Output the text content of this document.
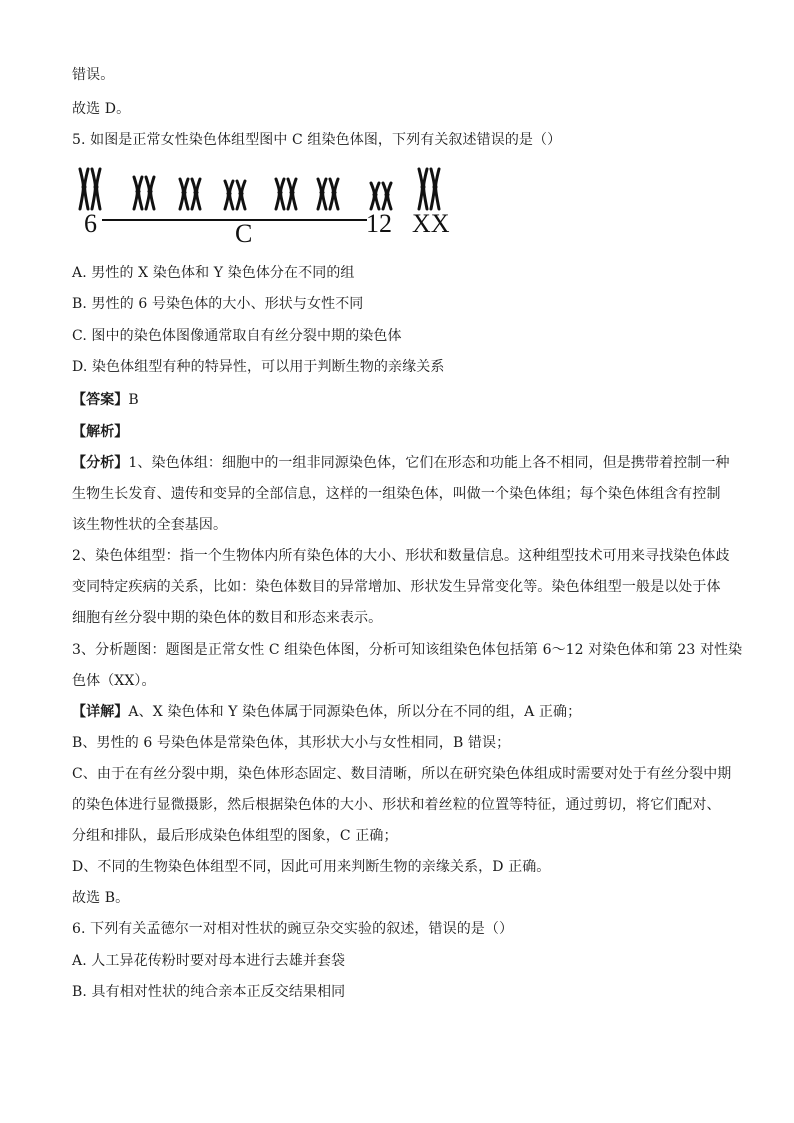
错误。
故选 D。
5. 如图是正常女性染色体组型图中 C 组染色体图，下列有关叙述错误的是（）
6	C	12 XX
A. 男性的 X 染色体和 Y 染色体分在不同的组
B. 男性的 6 号染色体的大小、形状与女性不同
C. 图中的染色体图像通常取自有丝分裂中期的染色体
D. 染色体组型有种的特异性，可以用于判断生物的亲缘关系
【答案】B
【解析】
【分析】1、染色体组：细胞中的一组非同源染色体，它们在形态和功能上各不相同，但是携带着控制一种
生物生长发育、遗传和变异的全部信息，这样的一组染色体，叫做一个染色体组；每个染色体组含有控制
该生物性状的全套基因。
2、染色体组型：指一个生物体内所有染色体的大小、形状和数量信息。这种组型技术可用来寻找染色体歧
变同特定疾病的关系，比如：染色体数目的异常增加、形状发生异常变化等。染色体组型一般是以处于体
细胞有丝分裂中期的染色体的数目和形态来表示。
3、分析题图：题图是正常女性 C 组染色体图，分析可知该组染色体包括第 6～12 对染色体和第 23 对性染
色体（XX）。
【详解】A、X 染色体和 Y 染色体属于同源染色体，所以分在不同的组，A 正确；
B、男性的 6 号染色体是常染色体，其形状大小与女性相同，B 错误；
C、由于在有丝分裂中期，染色体形态固定、数目清晰，所以在研究染色体组成时需要对处于有丝分裂中期
的染色体进行显微摄影，然后根据染色体的大小、形状和着丝粒的位置等特征，通过剪切，将它们配对、
分组和排队，最后形成染色体组型的图象，C 正确；
D、不同的生物染色体组型不同，因此可用来判断生物的亲缘关系，D 正确。
故选 B。
6. 下列有关孟德尔一对相对性状的豌豆杂交实验的叙述，错误的是（）
A. 人工异花传粉时要对母本进行去雄并套袋
B. 具有相对性状的纯合亲本正反交结果相同
